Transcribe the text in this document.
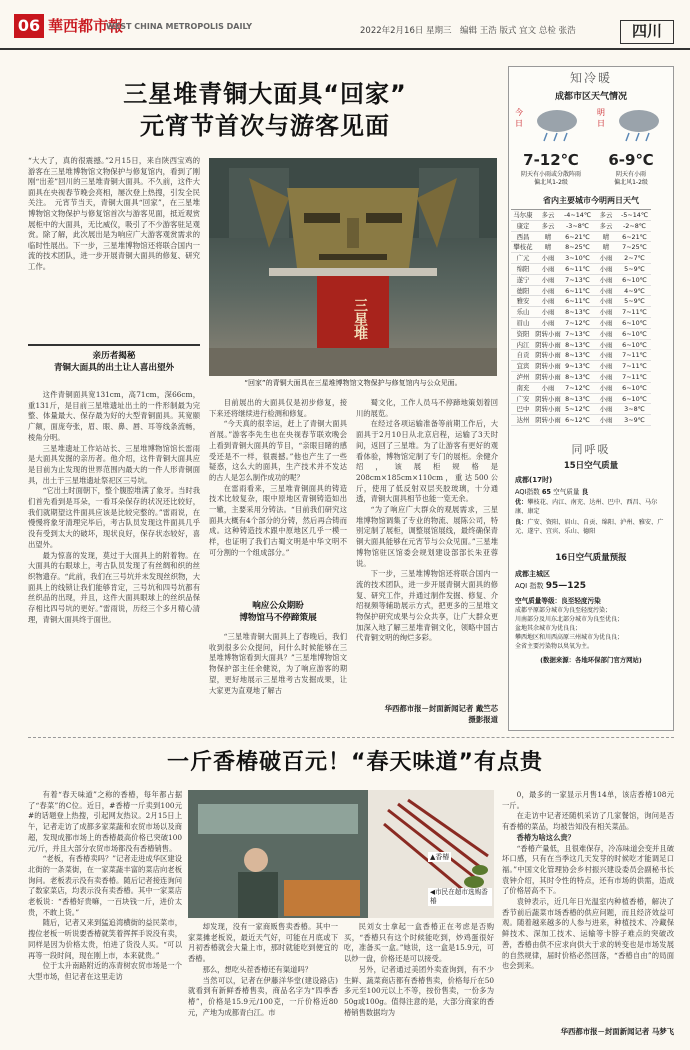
06 華西都市報
WEST CHINA METROPOLIS DAILY	2022年2月16日 星期三　编辑 王浩 版式 宜文 总检 张浩	四川
三星堆青铜大面具“回家”
元宵节首次与游客见面
“大大了，真的很震撼。”2月15日，来自陕西宝鸡的游客在三星堆博物馆文物保护与修复馆内，看到了刚刚“出差”回川的三星堆青铜大面具。不久前，这件大面具在央视春节晚会亮相，屡次登上热搜，引发全民关注。　元宵节当天，青铜大面具“回家”，在三星堆博物馆文物保护与修复馆首次与游客见面，抵近观赏展柜中的大面具，无比威仪，吸引了不少游客驻足观赏。除了解，此次展出是为响应广大游客观赏需求的临时性展出。下一步，三星堆博物馆还将联合国内一流的技术团队，进一步开展青铜大面具的修复、研究工作。
亲历者揭秘
青铜大面具的出土让人喜出望外

这件青铜面具宽131cm，高71cm，深66cm，重131斤，是目前三星堆遗址出土的一件形制最为完整、体量最大、保存最为好的大型青铜面具。其宽颐广额，面庞夸张，眉、眼、鼻、唇、耳等线条流畅，棱角分明。

三星堆遗址工作站站长、三星堆博物馆馆长雷雨是大面具发掘的亲历者。他介绍，这件青铜大面具应是目前为止发现的世界范围内最大的一件人形青铜面具，出土于三星堆遗址祭祀区三号坑。

“它出土时面朝下，整个腹腔堆满了象牙。当时我们首先看到是耳朵，一看耳朵保存的状况还比较好，我们就期望这件面具应该是比较完整的。”雷雨说，在慢慢将象牙清理完毕后，考古队员发现这件面具几乎没有受到太大的破坏，现状良好，保存状态较好，喜出望外。

最为惊喜的发现，莫过于大面具上的附着物。在大面具的右眼球上，考古队员发现了有丝绸和织的丝织物遗存。“此前，我们在三号坑并未发现丝织物，大面具上的线锁让我们能够肯定，三号坑和四号坑都有丝织品的出现，并且，这件大面具眼球上的丝织品保存相比四号坑的更好。”雷雨说，历经三个多月精心清理，青铜大面具终于面世。

三星堆
“回家”的青铜大面具在三星堆博物馆文物保护与修复馆内与公众见面。

目前展出的大面具仅是初步修复，接下来还将继续进行检测和修复。

“今天真的很幸运，赶上了青铜大面具首展。”游客李先生也在央视春节联欢晚会上看到青铜大面具的节目，“亲眼目睹的感受还是不一样，很震撼。”他也产生了一些疑惑，这么大的面具，生产技术并不发达的古人是怎么制作成功的呢？

在雷雨看来，三星堆青铜面具的铸造技术比较复杂，眼中原地区青铜铸造如出一辙，主要采用分铸法。“目前我们研究这面具大概有4个部分的分铸，然后再合铸而成。这种铸造技术跟中原地区几乎一模一样，也证明了我们古蜀文明是中华文明不可分割的一个组成部分。”

响应公众期盼
博物馆马不停蹄策展

“三星堆青铜大面具上了春晚后，我们收到很多公众提问，问什么时候能够在三星堆博物馆看到大面具？”三星堆博物馆文物保护部主任余健说，为了响应游客的期望，更好地展示三星堆考古发掘成果，让大家更为直观地了解古

蜀文化，工作人员马不停蹄地策划着回川的展览。

在经过各项运输准备等前期工作后，大面具于2月10日从北京启程，运输了3天时间，返回了三星堆。为了让游客有更好的观看体验，博物馆定制了专门的展柜。余健介绍，该展柜规格是208cm×185cm×110cm，重达500公斤，使用了低反射双层夹胶玻璃，十分通透，青铜大面具相节也能一览无余。

“为了响应广大群众的观展需求，三星堆博物馆调集了专业的物流、展陈公司，特别定制了展柜，调整展馆展线，最终确保青铜大面具能够在元宵节与公众见面。”三星堆博物馆驻区馆委会规划建设部部长朱亚蓉说。

下一步，三星堆博物馆还将联合国内一流的技术团队，进一步开展青铜大面具的修复、研究工作，并通过制作发掘、修复、介绍视频等辅助展示方式，把更多的三星堆文物保护研究成果与公众共享，让广大群众更加深入地了解三星堆青铜文化，领略中国古代青铜文明的绚烂多彩。

华西都市报－封面新闻记者 戴竺芯
摄影报道
知冷暖
成都市区天气情况
今日
明日
7-12℃	6-9℃
阴天有小雨或分散阵雨
偏北风1-2级
阴天有小雨
偏北风1-2级
省内主要城市今明两日天气
马尔康	多云	-4~14℃	多云	-5~14℃
康定	多云	-3~8℃	多云	-2~8℃
西昌	晴	6~21℃	晴	6~21℃
攀枝花	晴	8~25℃	晴	7~25℃
广元	小雨	3~10℃	小雨	2~7℃
绵阳	小雨	6~11℃	小雨	5~9℃
遂宁	小雨	7~13℃	小雨	6~10℃
德阳	小雨	6~11℃	小雨	4~9℃
雅安	小雨	6~11℃	小雨	5~9℃
乐山	小雨	8~13℃	小雨	7~11℃
眉山	小雨	7~12℃	小雨	6~10℃
资阳 阴转小雨 7~13℃	小雨	6~10℃
内江 阴转小雨 8~13℃	小雨	6~10℃
自贡 阴转小雨 8~13℃	小雨	7~11℃
宜宾 阴转小雨 9~13℃	小雨	7~11℃
泸州 阴转小雨 8~13℃	小雨	7~11℃
南充	小雨	7~12℃	小雨	6~10℃
广安 阴转小雨 8~13℃	小雨	6~10℃
巴中 阴转小雨 5~12℃	小雨	3~8℃
达州 阴转小雨 6~12℃	小雨	3~9℃
同呼吸
15日空气质量
成都(17时)
AQI指数 65 空气质量 良
优：攀枝花、内江、南充、达州、巴中、西昌、马尔康、康定
良：广安、资阳、眉山、自贡、绵阳、泸州、雅安、广元、遂宁、宜宾、乐山、德阳
16日空气质量预报
成都主城区
AQI 指数 95—125
空气质量等级：良至轻度污染
成都平原部分城市为良至轻度污染；
川南部分及川东北部分城市为良至优良；
盆地其余城市为优良良；
攀西地区和川西高原三州城市为优良良；
全省主要污染物以臭氧为主。
(数据来源：各地环保部门官方网站)
一斤香椿破百元！“春天味道”有点贵

有着“春天味道”之称的香椿，每年都占据了“春菜”的C位。近日，#香椿一斤卖到100元#的话题登上热搜，引起网友热议。2月15日上午，记者走访了成都多家菜蔬和农贸市场以及商超，发现成都市场上的香椿最高价格已突破100元/斤，并且大部分农贸市场都没有香椿销售。

“老板，有香椿卖吗？”记者走进成华区建设北街的一条菜街，在一家菜蔬丰富的菜店向老板询问。老板表示没有卖香椿。随后记者接连询问了数家菜店，均表示没有卖香椿。其中一家菜店老板说：“香椿好贵嘛，一百块钱一斤，进价太贵，不敢上货。”

随后，记者又来到猛追湾横街的益民菜市，搜位老板一听说要香椿就笑着挥挥手说没有卖，同样是因为价格太贵，怕进了货没人买。“可以再等一段时间，现在刚上市，本来就贵。”

位于太升南路附近的冻青树农贸市场是一个大型市场，但记者在这里走访

▲香椿
◀市民在超市选购香椿

却发现，没有一家商贩售卖香椿。其中一家菜摊老板说，最近天气好，可能在月底或下月初香椿就会大量上市，那时就能吃到便宜的香椿。

那么，想吃头茬香椿还有渠道吗？

当然可以，记者在伊藤洋华堂(建设路店)就看到有新鲜香椿售卖，商品名字为“四季香椿”，价格是15.9元/100克，一斤价格近80元，产地为成都青白江。市

民刘女士拿起一盒香椿正在考虑是否购买，“香椿只有这个时候能吃到，炒鸡蛋很好吃，准备买一盒。”她说，这一盒是15.9元，可以炒一盘，价格还是可以接受。

另外，记者通过美团外卖查询到，有不少生鲜、蔬菜商店都有香椿售卖，价格每斤在50多元至100元以上不等，按份售卖，一份多为50g或100g。值得注意的是，大部分商家的香椿销售数据均为

0，最多的一家显示月售14单，该店香椿108元一斤。

在走访中记者还随机采访了几家餐馆，询问是否有香椿的菜品，均被告知没有相关菜品。

香椿为啥这么贵？

“香椿产量低，且很难保存，冷冻味道会变并且破坏口感，只有在当季这几天发芽的时候吃才能调足口福。”中国文化管理协会乡村振兴建设委员会副秘书长袁钟介绍，其时令性的特点，还有市场的供需，造成了价格居高不下。

袁钟表示，近几年日光温室内种植香椿，解决了香节前后蔬菜市场香椿的供应问题，而且经济效益可观。随着越来越多的人参与进来，种植技术、冷藏保鲜技术、深加工技术、运输等卡脖子难点的突破改善，香椿由供不应求向供大于求的转变也是市场发展的自然规律，届时价格必然回落，“香椿自由”的局面也会到来。

华西都市报－封面新闻记者 马梦飞
